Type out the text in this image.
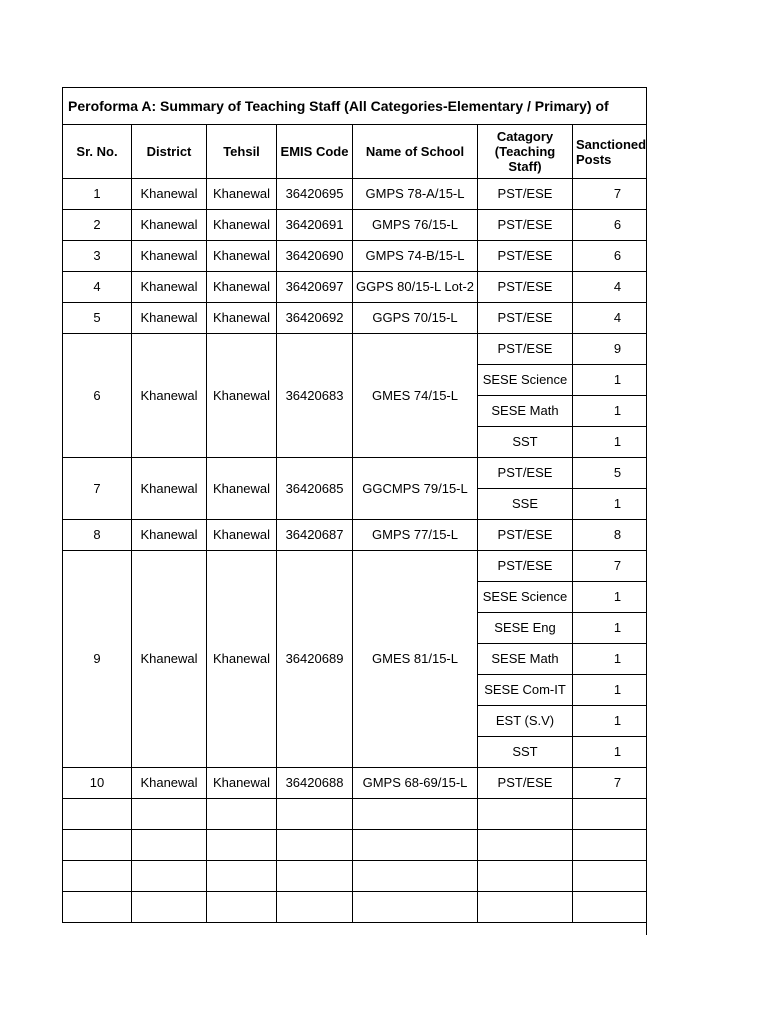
Peroforma A: Summary of Teaching Staff (All Categories-Elementary / Primary) of						
Sr. No.	District	Tehsil	EMIS Code	Name of School	Catagory (Teaching Staff)	Sanctioned Posts
1	Khanewal	Khanewal	36420695	GMPS 78-A/15-L	PST/ESE	7
2	Khanewal	Khanewal	36420691	GMPS 76/15-L	PST/ESE	6
3	Khanewal	Khanewal	36420690	GMPS 74-B/15-L	PST/ESE	6
4	Khanewal	Khanewal	36420697	GGPS 80/15-L Lot-2	PST/ESE	4
5	Khanewal	Khanewal	36420692	GGPS 70/15-L	PST/ESE	4
6	Khanewal	Khanewal	36420683	GMES 74/15-L	PST/ESE	9
					SESE Science	1
					SESE Math	1
					SST	1
7	Khanewal	Khanewal	36420685	GGCMPS 79/15-L	PST/ESE	5
					SSE	1
8	Khanewal	Khanewal	36420687	GMPS 77/15-L	PST/ESE	8
9	Khanewal	Khanewal	36420689	GMES 81/15-L	PST/ESE	7
					SESE Science	1
					SESE Eng	1
					SESE Math	1
					SESE Com-IT	1
					EST (S.V)	1
					SST	1
10	Khanewal	Khanewal	36420688	GMPS 68-69/15-L	PST/ESE	7
